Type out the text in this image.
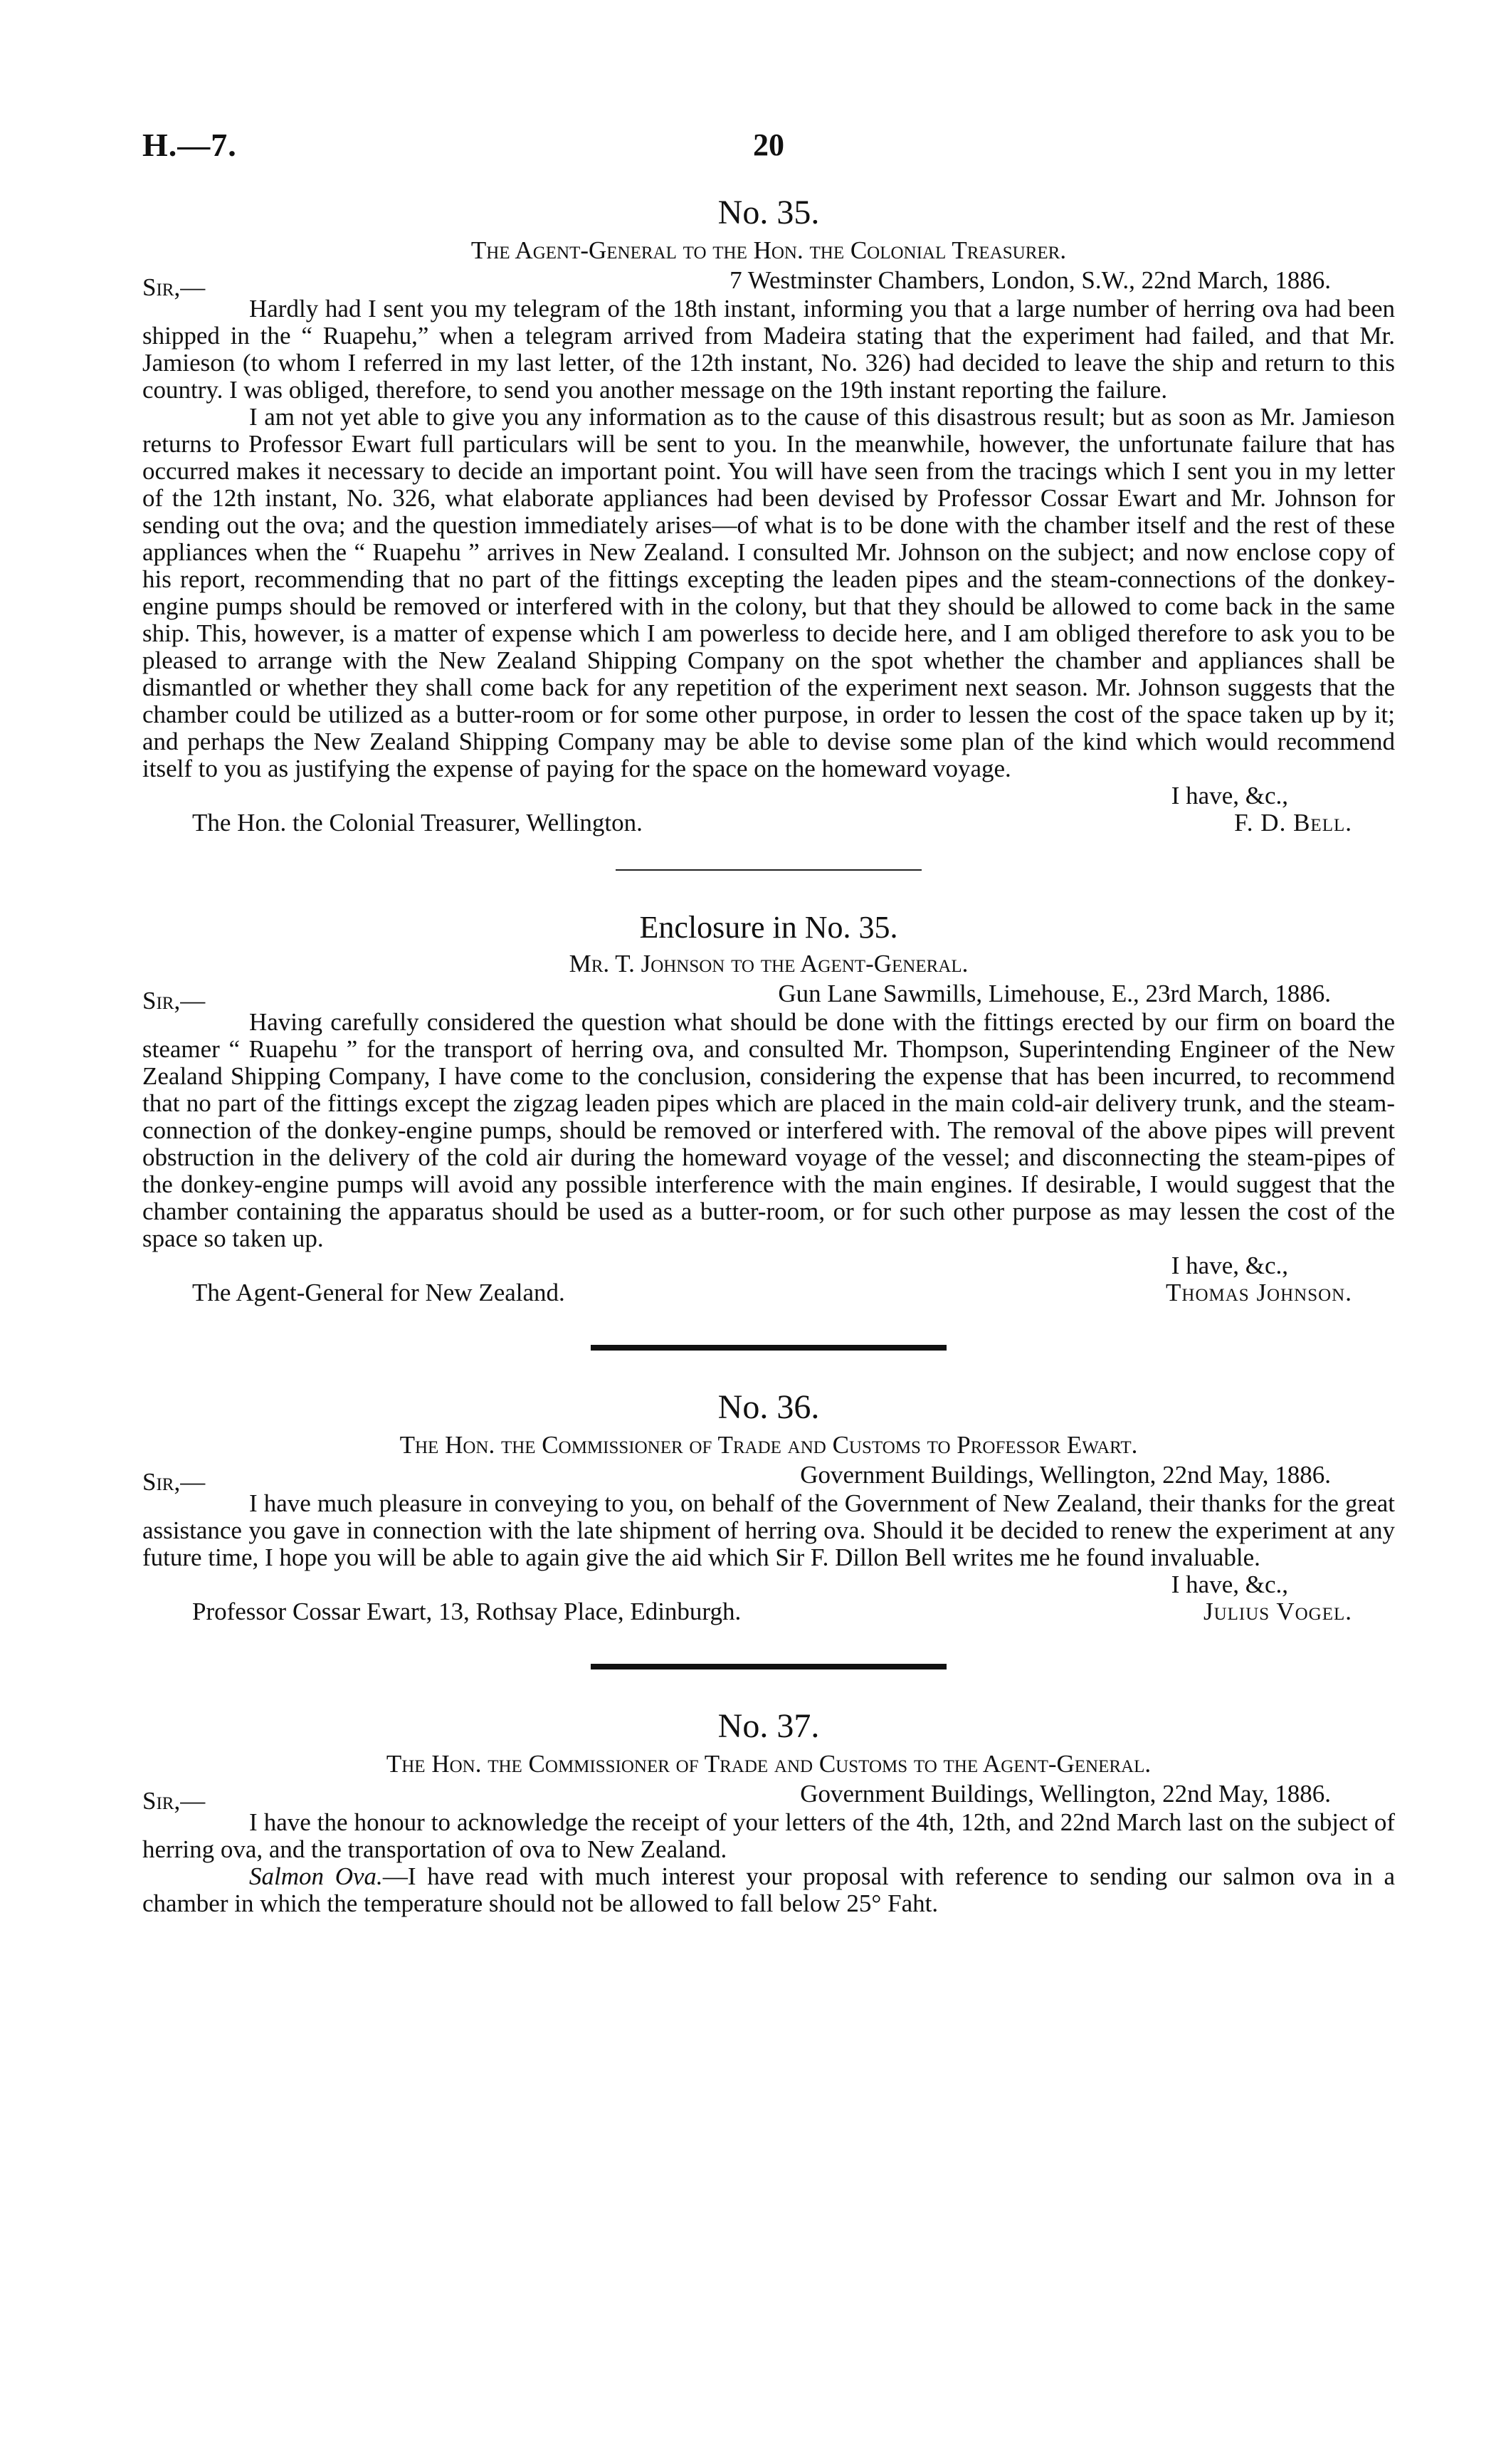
H.—7.	20
No. 35.
The Agent-General to the Hon. the Colonial Treasurer.
Sir,—	7 Westminster Chambers, London, S.W., 22nd March, 1886.

Hardly had I sent you my telegram of the 18th instant, informing you that a large number of herring ova had been shipped in the “ Ruapehu,” when a telegram arrived from Madeira stating that the experiment had failed, and that Mr. Jamieson (to whom I referred in my last letter, of the 12th instant, No. 326) had decided to leave the ship and return to this country. I was obliged, therefore, to send you another message on the 19th instant reporting the failure.

I am not yet able to give you any information as to the cause of this disastrous result; but as soon as Mr. Jamieson returns to Professor Ewart full particulars will be sent to you. In the meanwhile, however, the unfortunate failure that has occurred makes it necessary to decide an important point. You will have seen from the tracings which I sent you in my letter of the 12th instant, No. 326, what elaborate appliances had been devised by Professor Cossar Ewart and Mr. Johnson for sending out the ova; and the question immediately arises—of what is to be done with the chamber itself and the rest of these appliances when the “ Ruapehu ” arrives in New Zealand. I consulted Mr. Johnson on the subject; and now enclose copy of his report, recommending that no part of the fittings excepting the leaden pipes and the steam-connections of the donkey-engine pumps should be removed or interfered with in the colony, but that they should be allowed to come back in the same ship. This, however, is a matter of expense which I am powerless to decide here, and I am obliged therefore to ask you to be pleased to arrange with the New Zealand Shipping Company on the spot whether the chamber and appliances shall be dismantled or whether they shall come back for any repetition of the experiment next season. Mr. Johnson suggests that the chamber could be utilized as a butter-room or for some other purpose, in order to lessen the cost of the space taken up by it; and perhaps the New Zealand Shipping Company may be able to devise some plan of the kind which would recommend itself to you as justifying the expense of paying for the space on the homeward voyage.

I have, &c.,
The Hon. the Colonial Treasurer, Wellington.	F. D. Bell.
Enclosure in No. 35.
Mr. T. Johnson to the Agent-General.
Sir,—	Gun Lane Sawmills, Limehouse, E., 23rd March, 1886.

Having carefully considered the question what should be done with the fittings erected by our firm on board the steamer “ Ruapehu ” for the transport of herring ova, and consulted Mr. Thompson, Superintending Engineer of the New Zealand Shipping Company, I have come to the conclusion, considering the expense that has been incurred, to recommend that no part of the fittings except the zigzag leaden pipes which are placed in the main cold-air delivery trunk, and the steam-connection of the donkey-engine pumps, should be removed or interfered with. The removal of the above pipes will prevent obstruction in the delivery of the cold air during the homeward voyage of the vessel; and disconnecting the steam-pipes of the donkey-engine pumps will avoid any possible interference with the main engines. If desirable, I would suggest that the chamber containing the apparatus should be used as a butter-room, or for such other purpose as may lessen the cost of the space so taken up.

I have, &c.,
The Agent-General for New Zealand.	Thomas Johnson.
No. 36.
The Hon. the Commissioner of Trade and Customs to Professor Ewart.
Sir,—	Government Buildings, Wellington, 22nd May, 1886.

I have much pleasure in conveying to you, on behalf of the Government of New Zealand, their thanks for the great assistance you gave in connection with the late shipment of herring ova. Should it be decided to renew the experiment at any future time, I hope you will be able to again give the aid which Sir F. Dillon Bell writes me he found invaluable.

I have, &c.,
Professor Cossar Ewart, 13, Rothsay Place, Edinburgh.	Julius Vogel.
No. 37.
The Hon. the Commissioner of Trade and Customs to the Agent-General.
Sir,—	Government Buildings, Wellington, 22nd May, 1886.

I have the honour to acknowledge the receipt of your letters of the 4th, 12th, and 22nd March last on the subject of herring ova, and the transportation of ova to New Zealand.

Salmon Ova.—I have read with much interest your proposal with reference to sending our salmon ova in a chamber in which the temperature should not be allowed to fall below 25° Faht.
